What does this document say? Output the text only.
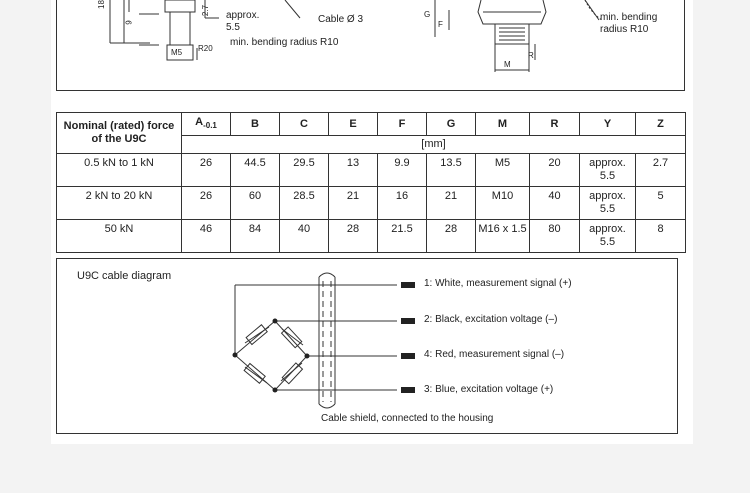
18
9
2.7
M5 R20
approx.
5.5
Cable Ø 3
min. bending radius R10
G
F
R
M
min. bending
radius R10
Nominal (rated) force of the U9C	$A_{-0.1}$	B	C	E	F	G	M	R	Y	Z
	[mm]									
0.5 kN to 1 kN	26	44.5	29.5	13	9.9	13.5	M5	20	approx. 5.5	2.7
2 kN to 20 kN	26	60	28.5	21	16	21	M10	40	approx. 5.5	5
50 kN	46	84	40	28	21.5	28	M16 x 1.5	80	approx. 5.5	8
U9C cable diagram
1: White, measurement signal (+)
2: Black, excitation voltage (–)
4: Red, measurement signal (–)
3: Blue, excitation voltage (+)
Cable shield, connected to the housing
